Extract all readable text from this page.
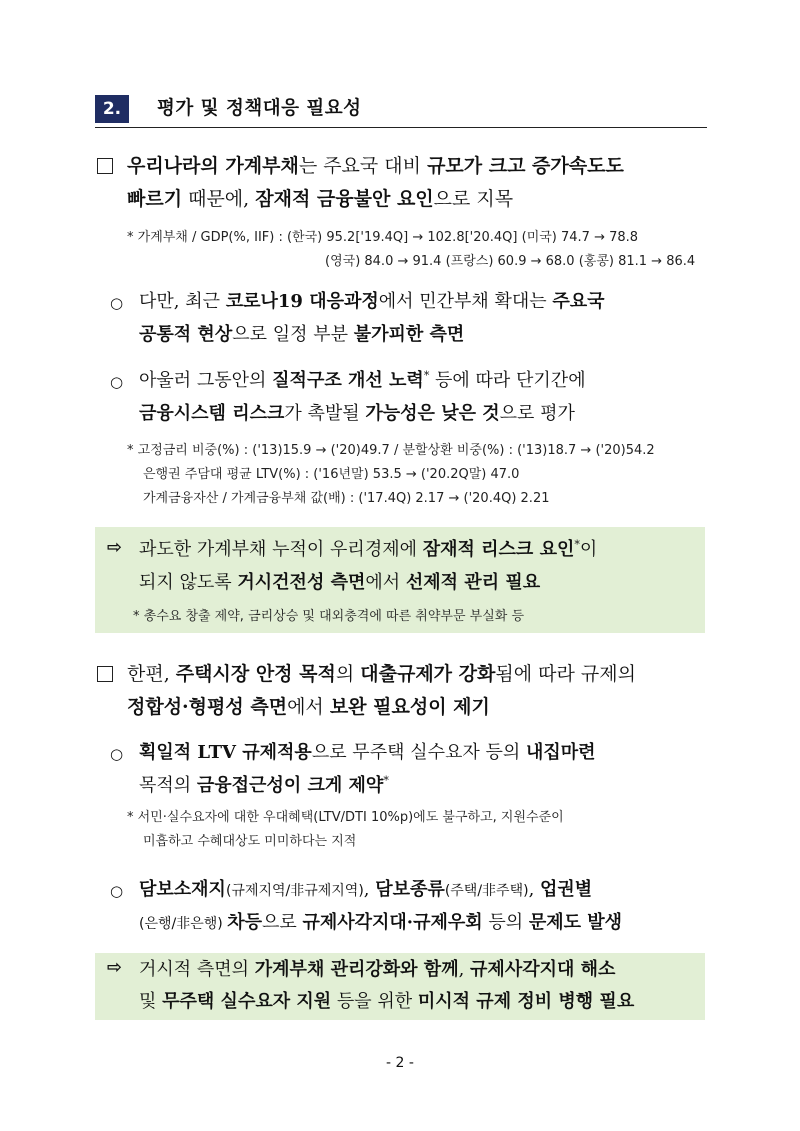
2.	평가 및 정책대응 필요성
우리나라의 가계부채는 주요국 대비 규모가 크고 증가속도도
빠르기 때문에, 잠재적 금융불안 요인으로 지목
* 가계부채 / GDP(%, IIF) : (한국) 95.2['19.4Q] → 102.8['20.4Q] (미국) 74.7 → 78.8
(영국) 84.0 → 91.4 (프랑스) 60.9 → 68.0 (홍콩) 81.1 → 86.4
○ 다만, 최근 코로나19 대응과정에서 민간부채 확대는 주요국
공통적 현상으로 일정 부분 불가피한 측면
○ 아울러 그동안의 질적구조 개선 노력* 등에 따라 단기간에
금융시스템 리스크가 촉발될 가능성은 낮은 것으로 평가
* 고정금리 비중(%) : ('13)15.9 → ('20)49.7 / 분할상환 비중(%) : ('13)18.7 → ('20)54.2
은행권 주담대 평균 LTV(%) : ('16년말) 53.5 → ('20.2Q말) 47.0
가계금융자산 / 가계금융부채 값(배) : ('17.4Q) 2.17 → ('20.4Q) 2.21
⇨ 과도한 가계부채 누적이 우리경제에 잠재적 리스크 요인*이
되지 않도록 거시건전성 측면에서 선제적 관리 필요
* 총수요 창출 제약, 금리상승 및 대외충격에 따른 취약부문 부실화 등
한편, 주택시장 안정 목적의 대출규제가 강화됨에 따라 규제의
정합성·형평성 측면에서 보완 필요성이 제기
○ 획일적 LTV 규제적용으로 무주택 실수요자 등의 내집마련
목적의 금융접근성이 크게 제약*
* 서민·실수요자에 대한 우대혜택(LTV/DTI 10%p)에도 불구하고, 지원수준이
미흡하고 수혜대상도 미미하다는 지적
○ 담보소재지(규제지역/非규제지역), 담보종류(주택/非주택), 업권별
(은행/非은행) 차등으로 규제사각지대·규제우회 등의 문제도 발생
⇨ 거시적 측면의 가계부채 관리강화와 함께, 규제사각지대 해소
및 무주택 실수요자 지원 등을 위한 미시적 규제 정비 병행 필요
- 2 -
